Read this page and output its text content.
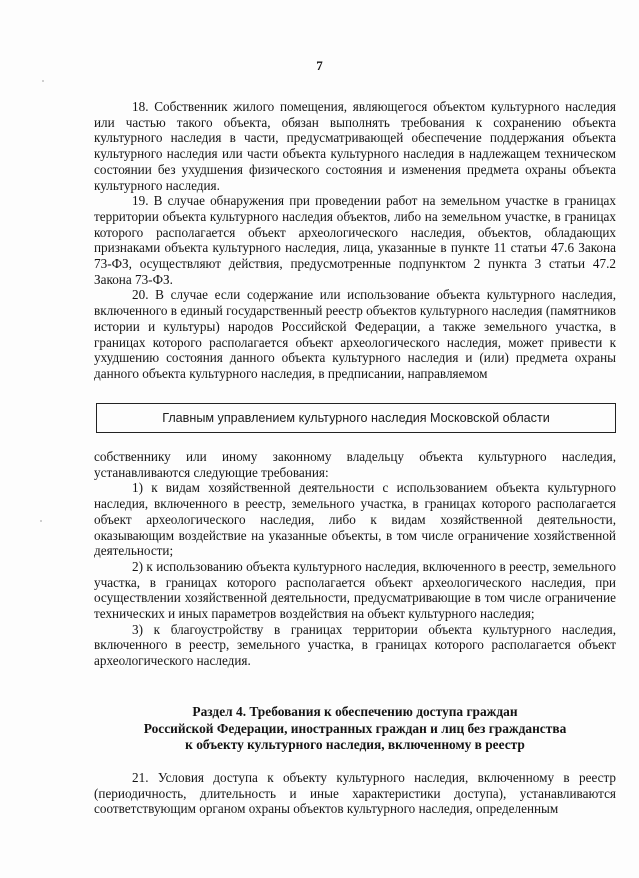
7

18. Собственник жилого помещения, являющегося объектом культурного наследия или частью такого объекта, обязан выполнять требования к сохранению объекта культурного наследия в части, предусматривающей обеспечение поддержания объекта культурного наследия или части объекта культурного наследия в надлежащем техническом состоянии без ухудшения физического состояния и изменения предмета охраны объекта культурного наследия.

19. В случае обнаружения при проведении работ на земельном участке в границах территории объекта культурного наследия объектов, либо на земельном участке, в границах которого располагается объект археологического наследия, объектов, обладающих признаками объекта культурного наследия, лица, указанные в пункте 11 статьи 47.6 Закона 73-ФЗ, осуществляют действия, предусмотренные подпунктом 2 пункта 3 статьи 47.2 Закона 73-ФЗ.

20. В случае если содержание или использование объекта культурного наследия, включенного в единый государственный реестр объектов культурного наследия (памятников истории и культуры) народов Российской Федерации, а также земельного участка, в границах которого располагается объект археологического наследия, может привести к ухудшению состояния данного объекта культурного наследия и (или) предмета охраны данного объекта культурного наследия, в предписании, направляемом

Главным управлением культурного наследия Московской области

собственнику или иному законному владельцу объекта культурного наследия, устанавливаются следующие требования:

1) к видам хозяйственной деятельности с использованием объекта культурного наследия, включенного в реестр, земельного участка, в границах которого располагается объект археологического наследия, либо к видам хозяйственной деятельности, оказывающим воздействие на указанные объекты, в том числе ограничение хозяйственной деятельности;

2) к использованию объекта культурного наследия, включенного в реестр, земельного участка, в границах которого располагается объект археологического наследия, при осуществлении хозяйственной деятельности, предусматривающие в том числе ограничение технических и иных параметров воздействия на объект культурного наследия;

3) к благоустройству в границах территории объекта культурного наследия, включенного в реестр, земельного участка, в границах которого располагается объект археологического наследия.

Раздел 4. Требования к обеспечению доступа граждан
Российской Федерации, иностранных граждан и лиц без гражданства
к объекту культурного наследия, включенному в реестр

21. Условия доступа к объекту культурного наследия, включенному в реестр (периодичность, длительность и иные характеристики доступа), устанавливаются соответствующим органом охраны объектов культурного наследия, определенным
